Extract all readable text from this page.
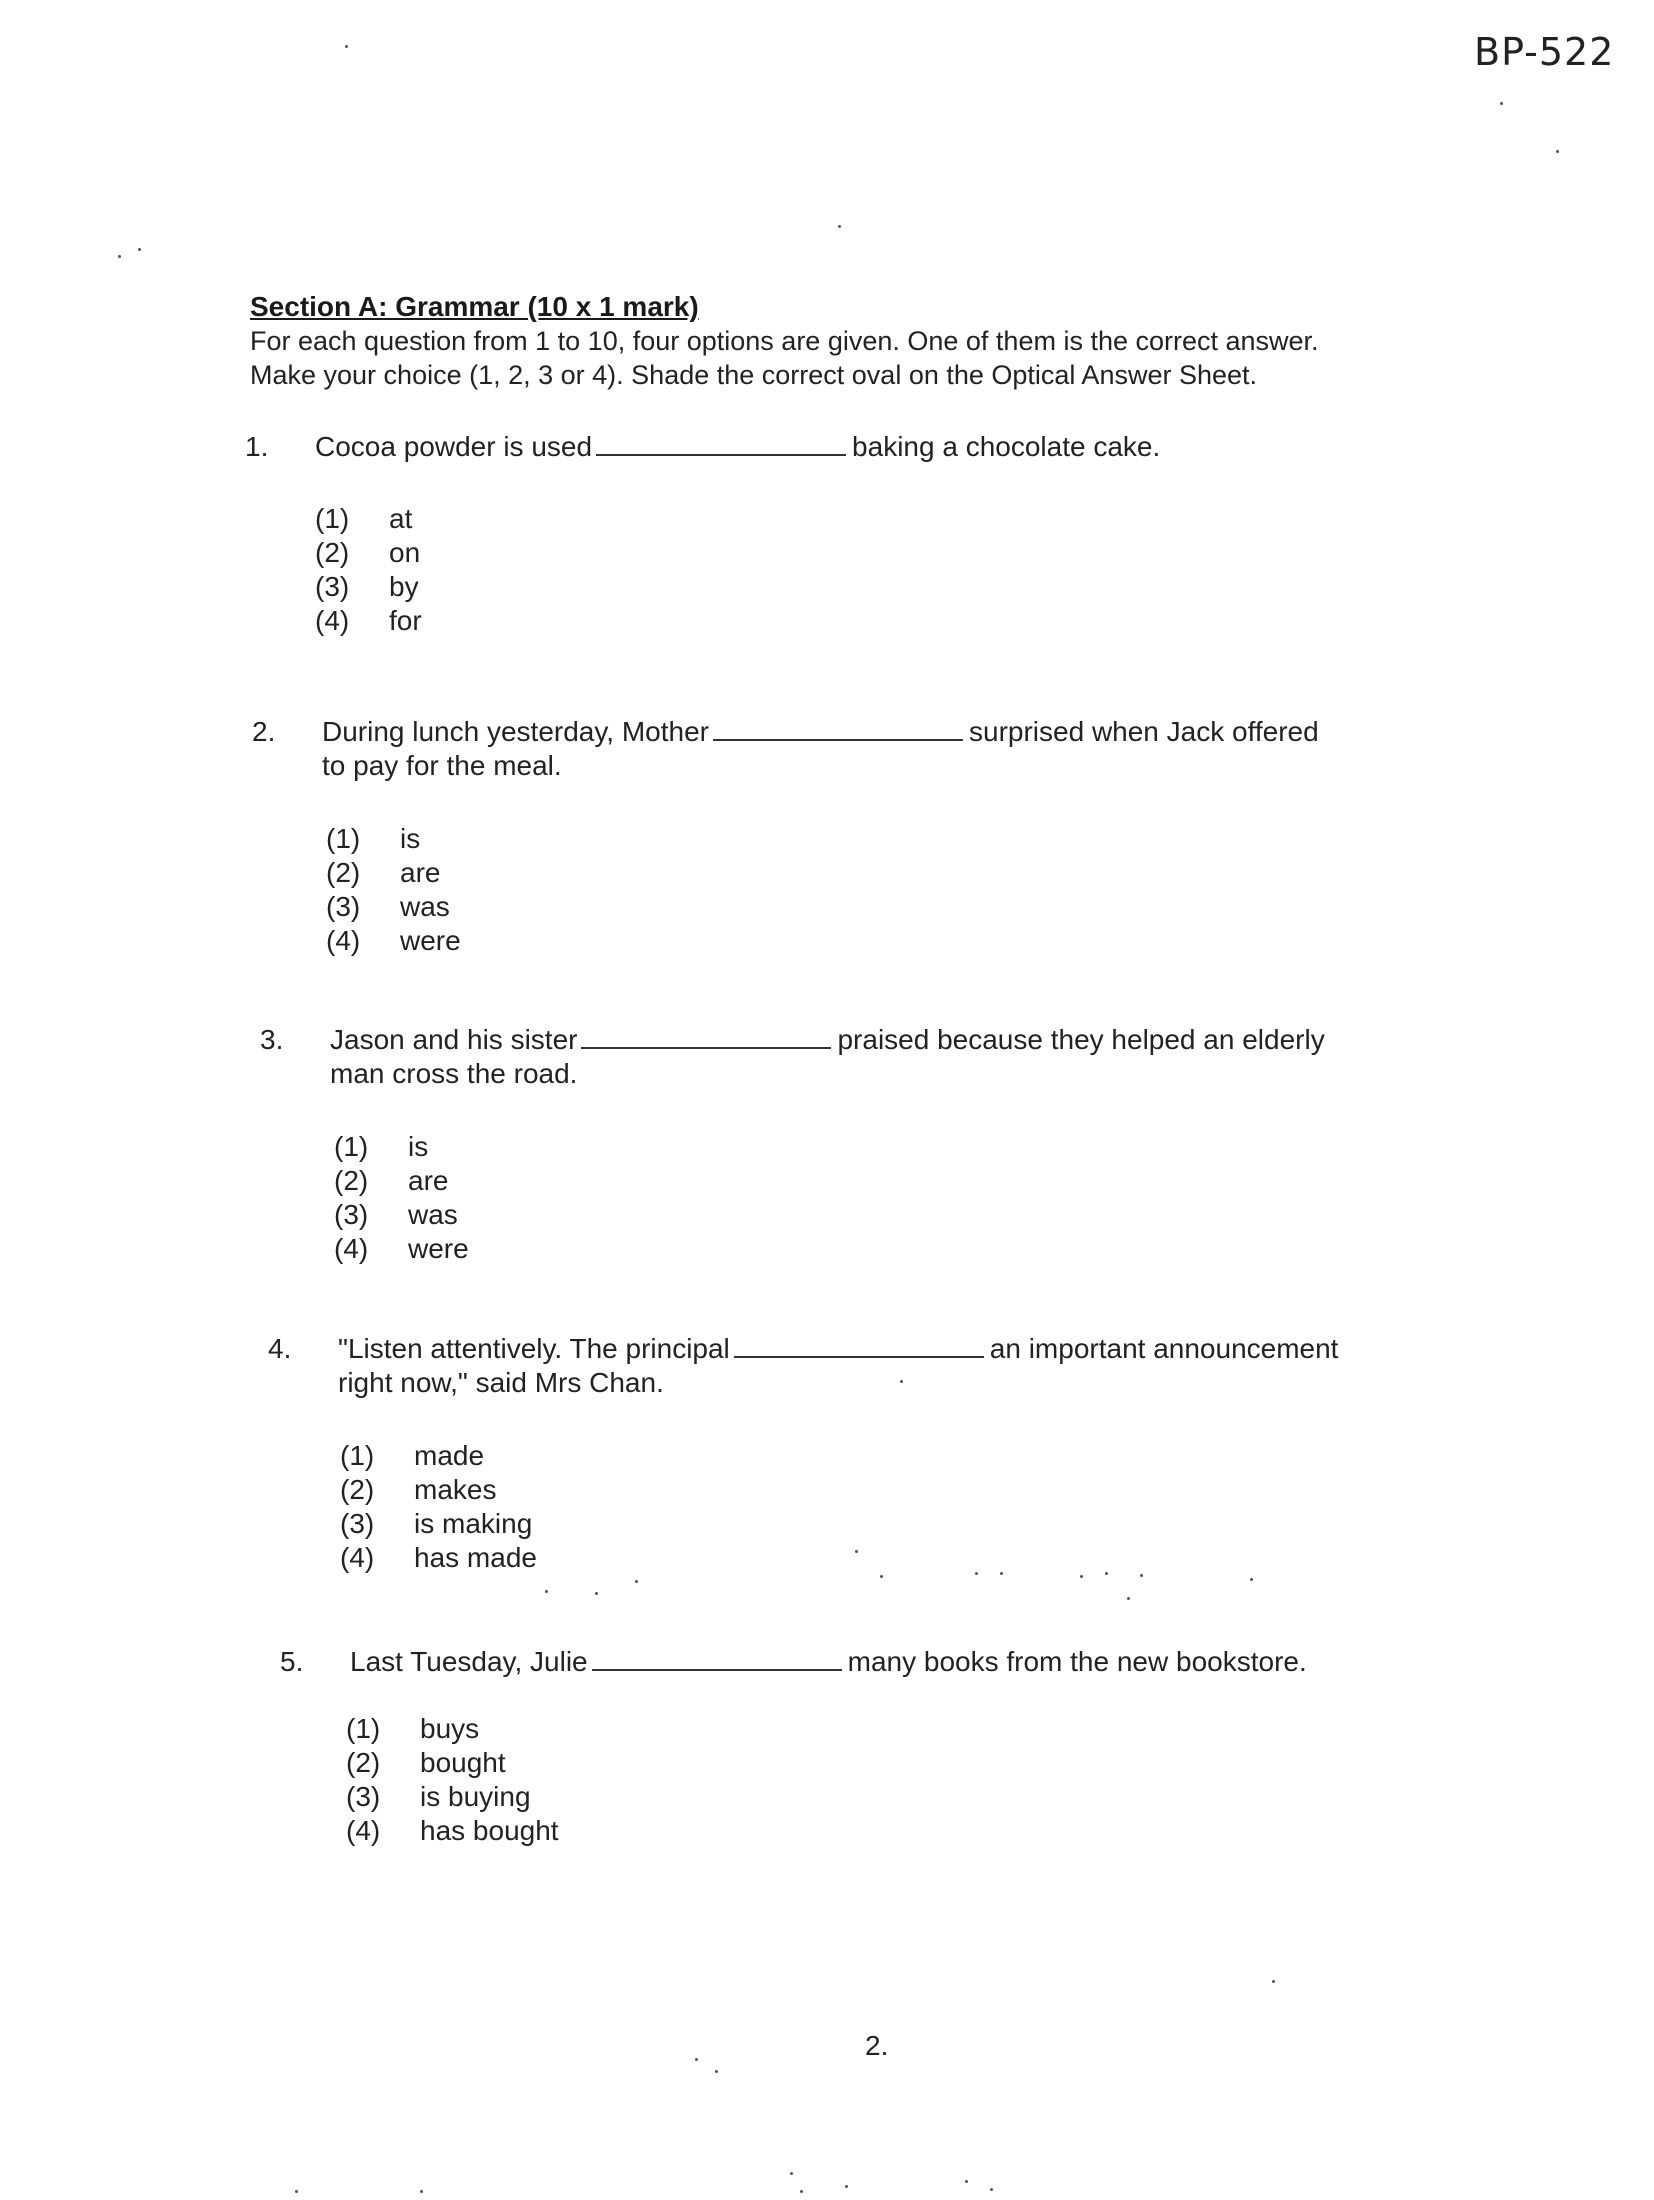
BP-522
Section A: Grammar (10 x 1 mark)
For each question from 1 to 10, four options are given. One of them is the correct answer.
Make your choice (1, 2, 3 or 4). Shade the correct oval on the Optical Answer Sheet.
1. Cocoa powder is used	baking a chocolate cake.
(1) at
(2) on
(3) by
(4) for
2. During lunch yesterday, Mother	surprised when Jack offered
to pay for the meal.
(1) is
(2) are
(3) was
(4) were
3. Jason and his sister	praised because they helped an elderly
man cross the road.
(1) is
(2) are
(3) was
(4) were
4. "Listen attentively. The principal	an important announcement
right now," said Mrs Chan.
(1) made
(2) makes
(3) is making
(4) has made
5. Last Tuesday, Julie	many books from the new bookstore.
(1) buys
(2) bought
(3) is buying
(4) has bought
2.
